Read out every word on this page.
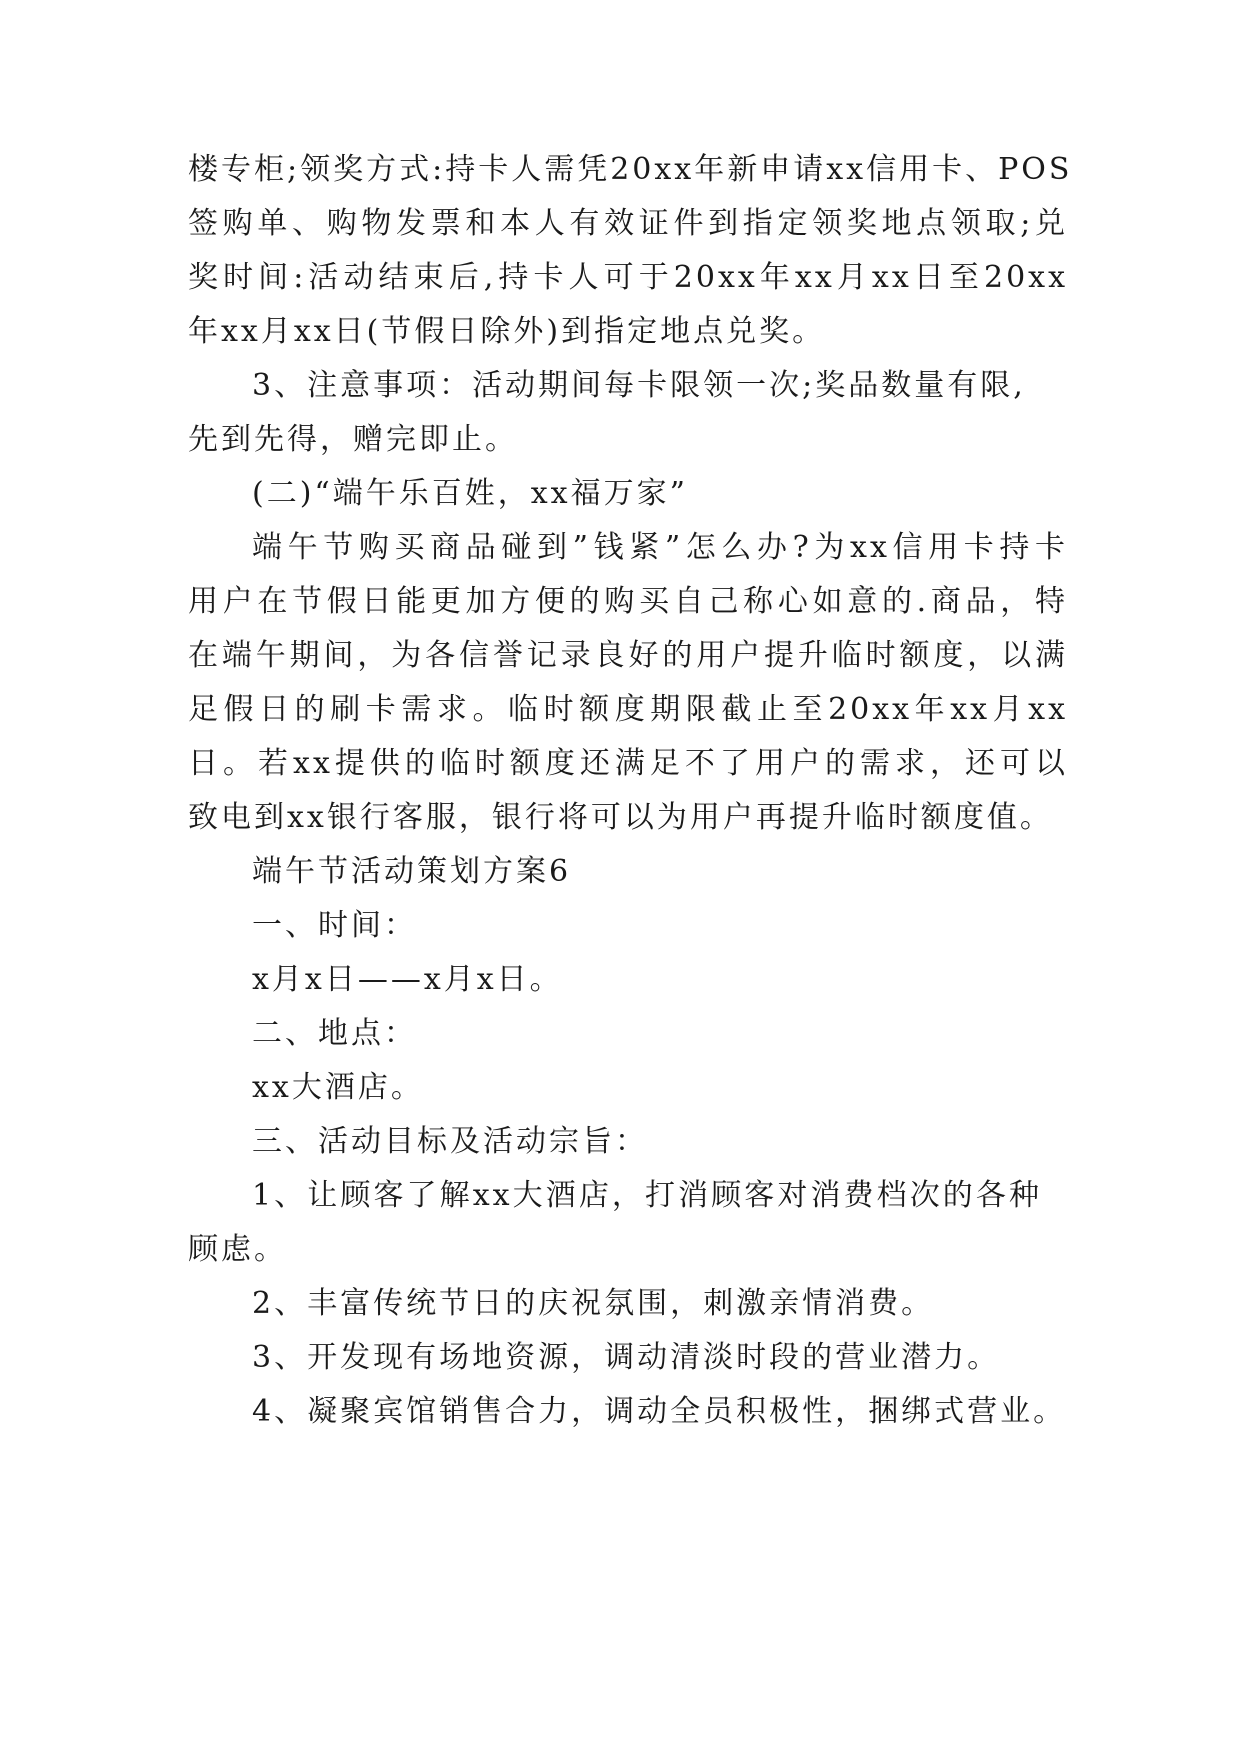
楼专柜;领奖方式:持卡人需凭20xx年新申请xx信用卡、POS
签购单、购物发票和本人有效证件到指定领奖地点领取;兑
奖时间:活动结束后,持卡人可于20xx年xx月xx日至20xx
年xx月xx日(节假日除外)到指定地点兑奖。
3、注意事项：活动期间每卡限领一次;奖品数量有限,
先到先得，赠完即止。
(二)“端午乐百姓，xx福万家”
端午节购买商品碰到”钱紧”怎么办?为xx信用卡持卡
用户在节假日能更加方便的购买自己称心如意的.商品，特
在端午期间，为各信誉记录良好的用户提升临时额度，以满
足假日的刷卡需求。临时额度期限截止至20xx年xx月xx
日。若xx提供的临时额度还满足不了用户的需求，还可以
致电到xx银行客服，银行将可以为用户再提升临时额度值。
端午节活动策划方案6
一、时间：
x月x日——x月x日。
二、地点：
xx大酒店。
三、活动目标及活动宗旨：
1、让顾客了解xx大酒店，打消顾客对消费档次的各种
顾虑。
2、丰富传统节日的庆祝氛围，刺激亲情消费。
3、开发现有场地资源，调动清淡时段的营业潜力。
4、凝聚宾馆销售合力，调动全员积极性，捆绑式营业。
